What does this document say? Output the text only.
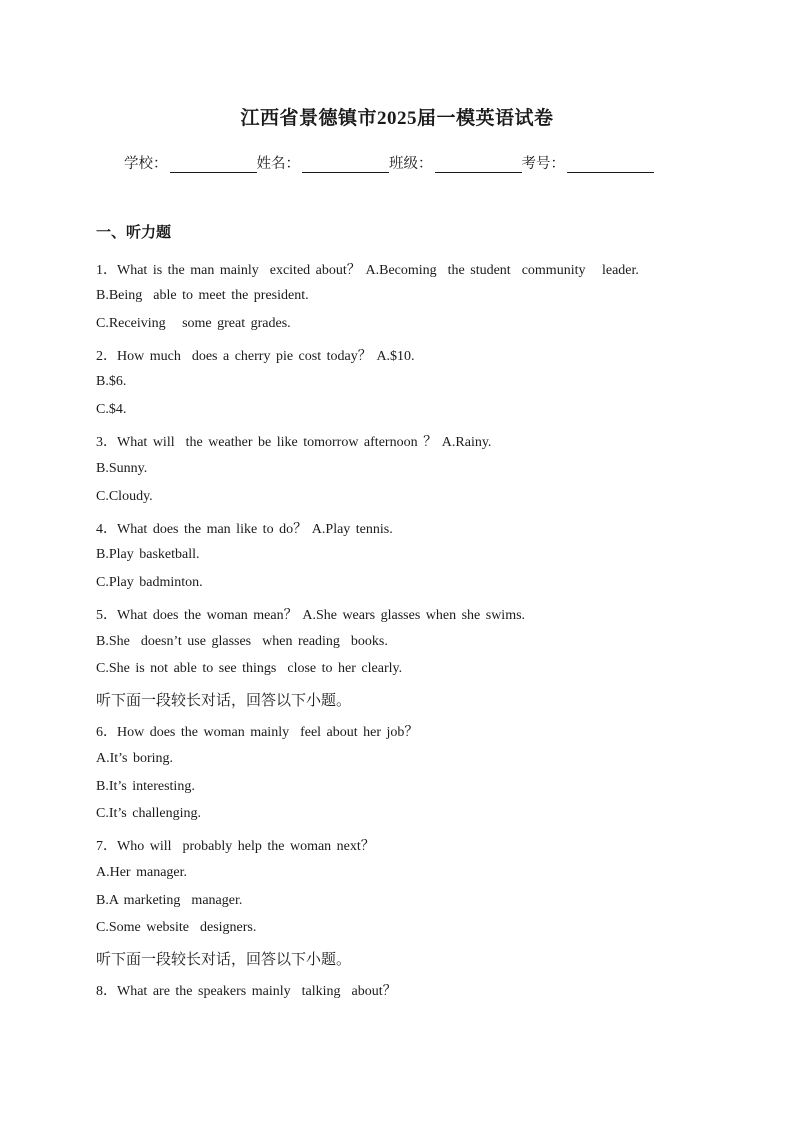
江西省景德镇市2025届一模英语试卷
学校：	姓名：	班级：	考号：
一、听力题
1．What is the man mainly  excited about？ A.Becoming  the student  community   leader.
B.Being  able to meet the president.
C.Receiving   some great grades.
2．How much  does a cherry pie cost today？ A.$10.
B.$6.
C.$4.
3．What will  the weather be like tomorrow afternoon ？ A.Rainy.
B.Sunny.
C.Cloudy.
4．What does the man like to do？ A.Play tennis.
B.Play basketball.
C.Play badminton.
5．What does the woman mean？ A.She wears glasses when she swims.
B.She  doesn’t use glasses  when reading  books.
C.She is not able to see things  close to her clearly.
听下面一段较长对话，回答以下小题。
6．How does the woman mainly  feel about her job？
A.It’s boring.
B.It’s interesting.
C.It’s challenging.
7．Who will  probably help the woman next？
A.Her manager.
B.A marketing  manager.
C.Some website  designers.
听下面一段较长对话，回答以下小题。
8．What are the speakers mainly  talking  about？
